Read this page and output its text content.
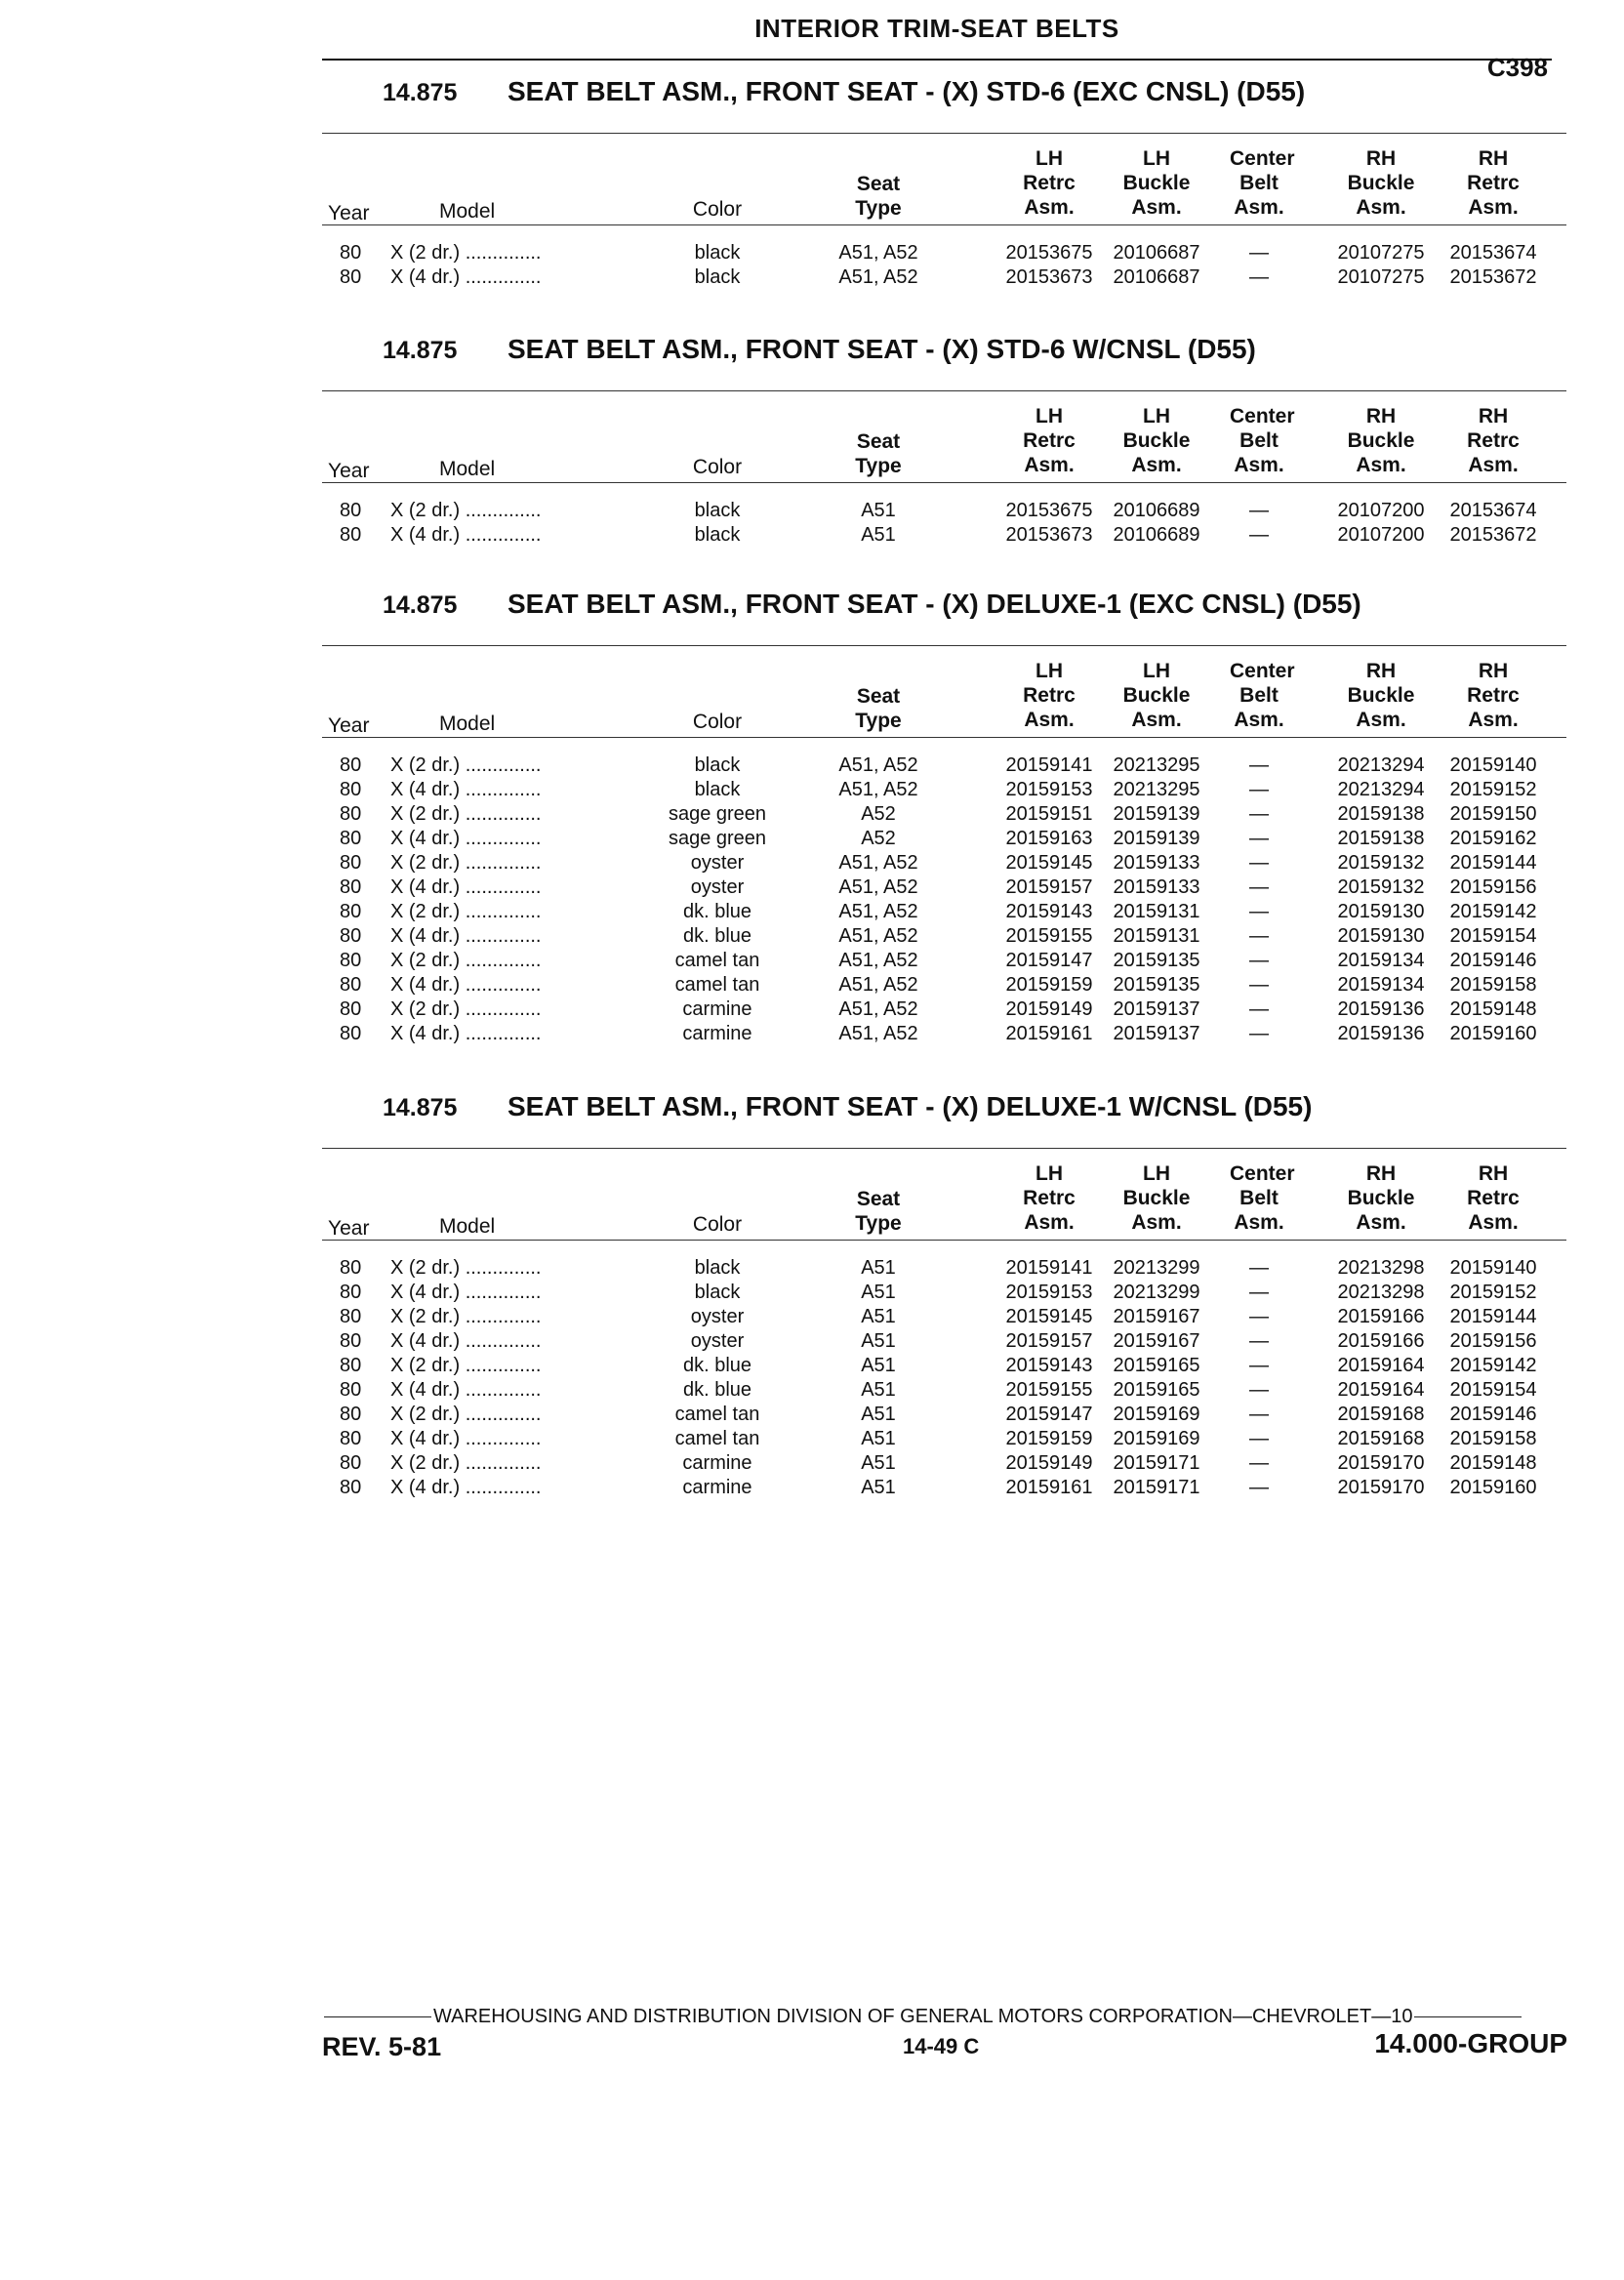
INTERIOR TRIM-SEAT BELTS
C398
14.875 SEAT BELT ASM., FRONT SEAT - (X) STD-6 (EXC CNSL) (D55)
Year	Model	Color
Seat
Type
LH
Retrc
Asm.
LH
Buckle
Asm.
Center
Belt
Asm.
RH
Buckle
Asm.
RH
Retrc
Asm.
80 X (2 dr.) ..............	black	A51, A52	20153675	20106687	—	20107275	20153674
80 X (4 dr.) ..............	black	A51, A52	20153673	20106687	—	20107275	20153672
14.875 SEAT BELT ASM., FRONT SEAT - (X) STD-6 W/CNSL (D55)
Year	Model	Color
Seat
Type
LH
Retrc
Asm.
LH
Buckle
Asm.
Center
Belt
Asm.
RH
Buckle
Asm.
RH
Retrc
Asm.
80 X (2 dr.) ..............	black	A51	20153675	20106689	—	20107200	20153674
80 X (4 dr.) ..............	black	A51	20153673	20106689	—	20107200	20153672
14.875 SEAT BELT ASM., FRONT SEAT - (X) DELUXE-1 (EXC CNSL) (D55)
Year	Model	Color
Seat
Type
LH
Retrc
Asm.
LH
Buckle
Asm.
Center
Belt
Asm.
RH
Buckle
Asm.
RH
Retrc
Asm.
80 X (2 dr.) ..............	black	A51, A52	20159141	20213295	—	20213294	20159140
80 X (4 dr.) ..............	black	A51, A52	20159153	20213295	—	20213294	20159152
80 X (2 dr.) ..............	sage green	A52	20159151	20159139	—	20159138	20159150
80 X (4 dr.) ..............	sage green	A52	20159163	20159139	—	20159138	20159162
80 X (2 dr.) ..............	oyster	A51, A52	20159145	20159133	—	20159132	20159144
80 X (4 dr.) ..............	oyster	A51, A52	20159157	20159133	—	20159132	20159156
80 X (2 dr.) ..............	dk. blue	A51, A52	20159143	20159131	—	20159130	20159142
80 X (4 dr.) ..............	dk. blue	A51, A52	20159155	20159131	—	20159130	20159154
80 X (2 dr.) ..............	camel tan	A51, A52	20159147	20159135	—	20159134	20159146
80 X (4 dr.) ..............	camel tan	A51, A52	20159159	20159135	—	20159134	20159158
80 X (2 dr.) ..............	carmine	A51, A52	20159149	20159137	—	20159136	20159148
80 X (4 dr.) ..............	carmine	A51, A52	20159161	20159137	—	20159136	20159160
14.875 SEAT BELT ASM., FRONT SEAT - (X) DELUXE-1 W/CNSL (D55)
Year	Model	Color
Seat
Type
LH
Retrc
Asm.
LH
Buckle
Asm.
Center
Belt
Asm.
RH
Buckle
Asm.
RH
Retrc
Asm.
80 X (2 dr.) ..............	black	A51	20159141	20213299	—	20213298	20159140
80 X (4 dr.) ..............	black	A51	20159153	20213299	—	20213298	20159152
80 X (2 dr.) ..............	oyster	A51	20159145	20159167	—	20159166	20159144
80 X (4 dr.) ..............	oyster	A51	20159157	20159167	—	20159166	20159156
80 X (2 dr.) ..............	dk. blue	A51	20159143	20159165	—	20159164	20159142
80 X (4 dr.) ..............	dk. blue	A51	20159155	20159165	—	20159164	20159154
80 X (2 dr.) ..............	camel tan	A51	20159147	20159169	—	20159168	20159146
80 X (4 dr.) ..............	camel tan	A51	20159159	20159169	—	20159168	20159158
80 X (2 dr.) ..............	carmine	A51	20159149	20159171	—	20159170	20159148
80 X (4 dr.) ..............	carmine	A51	20159161	20159171	—	20159170	20159160
WAREHOUSING AND DISTRIBUTION DIVISION OF GENERAL MOTORS CORPORATION—CHEVROLET—10
REV. 5-81	14-49 C	14.000-GROUP
